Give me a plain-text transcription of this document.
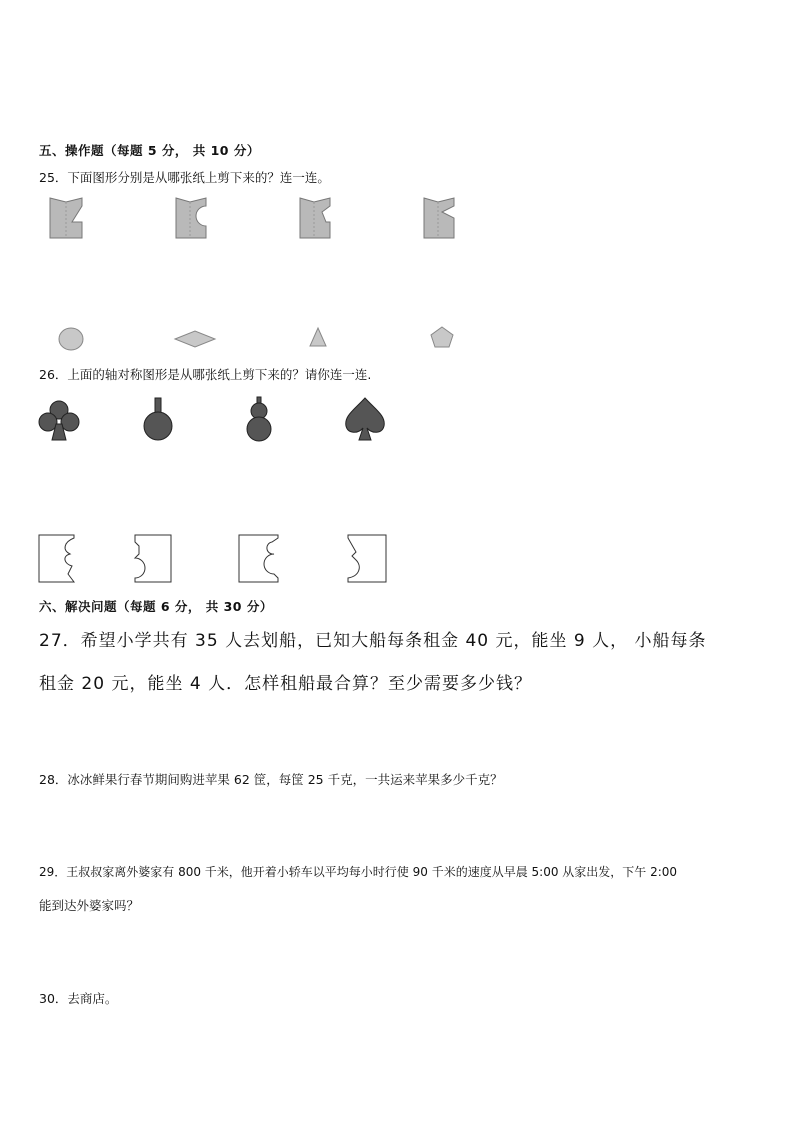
五、操作题（每题 5 分， 共 10 分）
25．下面图形分别是从哪张纸上剪下来的？连一连。
26．上面的轴对称图形是从哪张纸上剪下来的？请你连一连.
六、解决问题（每题 6 分， 共 30 分）
27．希望小学共有 35 人去划船，已知大船每条租金 40 元，能坐 9 人， 小船每条
租金 20 元，能坐 4 人．怎样租船最合算？至少需要多少钱？
28．冰冰鲜果行春节期间购进苹果 62 筐，每筐 25 千克，一共运来苹果多少千克？
29．王叔叔家离外婆家有 800 千米，他开着小轿车以平均每小时行使 90 千米的速度从早晨 5:00 从家出发，下午 2:00
能到达外婆家吗？
30．去商店。
